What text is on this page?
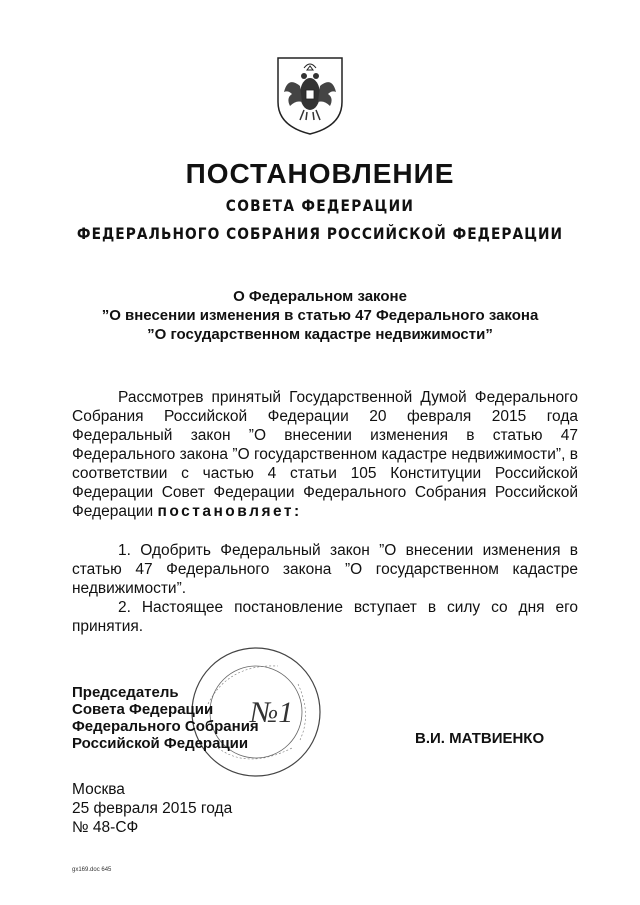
ПОСТАНОВЛЕНИЕ
СОВЕТА ФЕДЕРАЦИИ
ФЕДЕРАЛЬНОГО СОБРАНИЯ РОССИЙСКОЙ ФЕДЕРАЦИИ
О Федеральном законе
”О внесении изменения в статью 47 Федерального закона
”О государственном кадастре недвижимости”

Рассмотрев принятый Государственной Думой Федерального Собрания Российской Федерации 20 февраля 2015 года Федеральный закон ”О внесении изменения в статью 47 Федерального закона ”О государственном кадастре недвижимости”, в соответствии с частью 4 статьи 105 Конституции Российской Федерации Совет Федерации Федерального Собрания Российской Федерации постановляет:

1. Одобрить Федеральный закон ”О внесении изменения в статью 47 Федерального закона ”О государственном кадастре недвижимости”.

2. Настоящее постановление вступает в силу со дня его принятия.

№1
Председатель
Совета Федерации
Федерального Собрания
Российской Федерации	В.И. МАТВИЕНКО
Москва
25 февраля 2015 года
№ 48-СФ
gx169.doc 645
